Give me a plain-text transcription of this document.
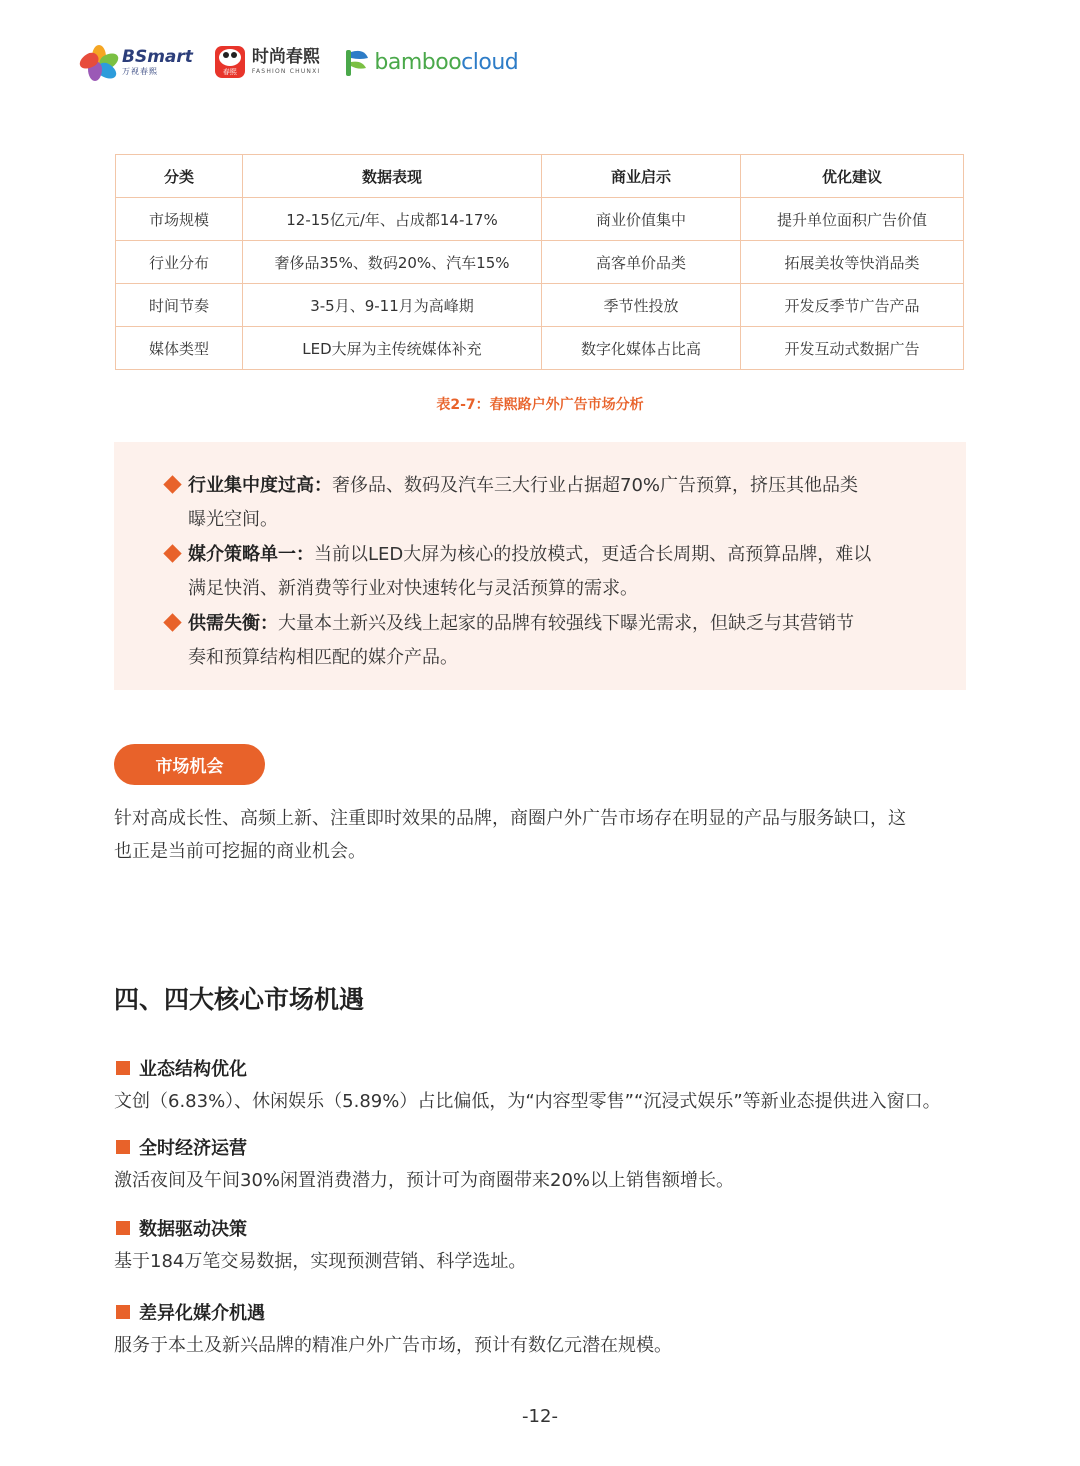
BSmart
万视春熙	春熙
时尚春熙
FASHION CHUNXI bamboocloud
分类	数据表现	商业启示	优化建议
市场规模	12-15亿元/年、占成都14-17%	商业价值集中	提升单位面积广告价值
行业分布	奢侈品35%、数码20%、汽车15%	高客单价品类	拓展美妆等快消品类
时间节奏	3-5月、9-11月为高峰期	季节性投放	开发反季节广告产品
媒体类型	LED大屏为主传统媒体补充	数字化媒体占比高	开发互动式数据广告
表2-7：春熙路户外广告市场分析
行业集中度过高：奢侈品、数码及汽车三大行业占据超70%广告预算，挤压其他品类
曝光空间。
媒介策略单一：当前以LED大屏为核心的投放模式，更适合长周期、高预算品牌，难以
满足快消、新消费等行业对快速转化与灵活预算的需求。
供需失衡：大量本土新兴及线上起家的品牌有较强线下曝光需求，但缺乏与其营销节
奏和预算结构相匹配的媒介产品。
市场机会
针对高成长性、高频上新、注重即时效果的品牌，商圈户外广告市场存在明显的产品与服务缺口，这
也正是当前可挖掘的商业机会。
四、四大核心市场机遇
业态结构优化
文创（6.83%）、休闲娱乐（5.89%）占比偏低，为“内容型零售”“沉浸式娱乐”等新业态提供进入窗口。
全时经济运营
激活夜间及午间30%闲置消费潜力，预计可为商圈带来20%以上销售额增长。
数据驱动决策
基于184万笔交易数据，实现预测营销、科学选址。
差异化媒介机遇
服务于本土及新兴品牌的精准户外广告市场，预计有数亿元潜在规模。
-12-
